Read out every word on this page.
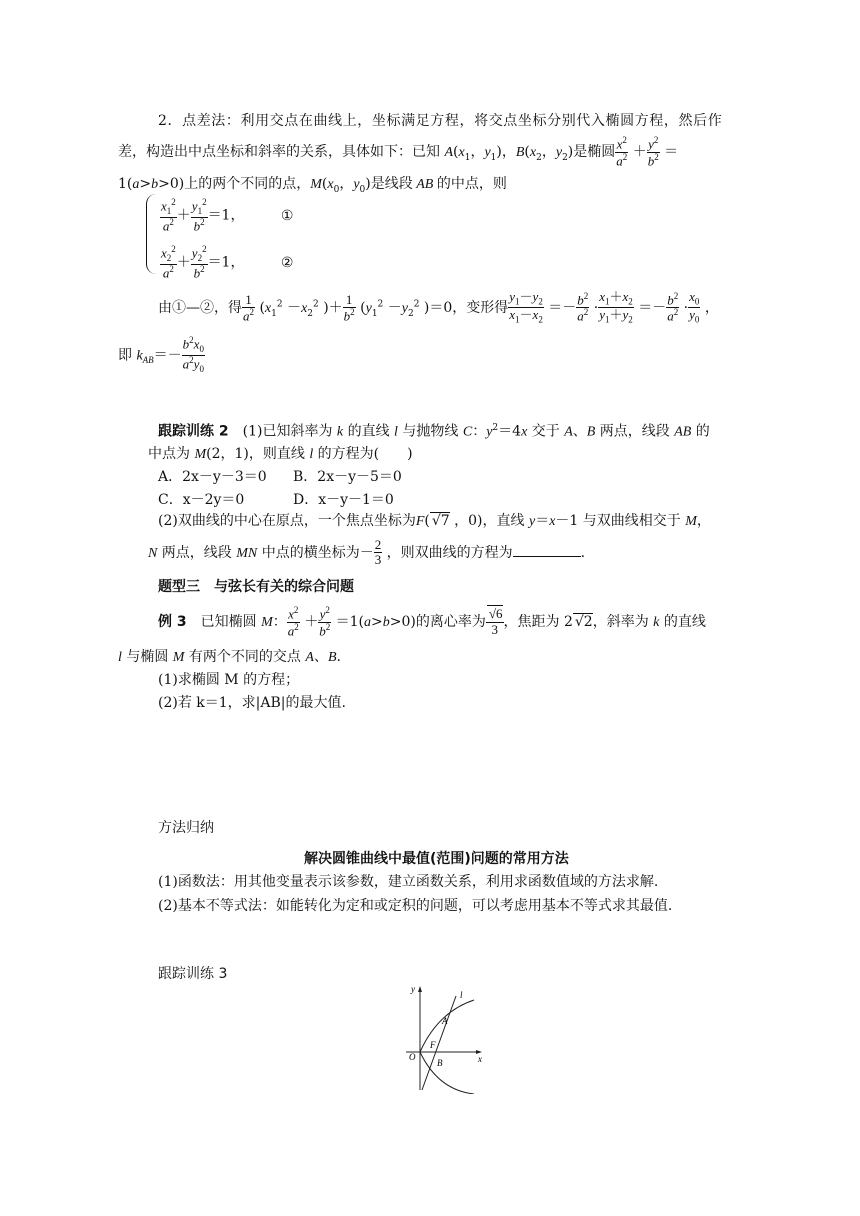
2．点差法：利用交点在曲线上，坐标满足方程，将交点坐标分别代入椭圆方程，然后作
差，构造出中点坐标和斜率的关系，具体如下：已知 $A(x_1$，$y_1$)，$B(x_2$，$y_2$)是椭圆 $\frac{x^2}{a^2} + \frac{y^2}{b^2}$ ＝
1(a>b>0)上的两个不同的点，$M(x_0$，$y_0$)是线段 AB 的中点，则
$\frac{x_1^2}{a^2} + \frac{y_1^2}{b^2} =1$， ①
$\frac{x_2^2}{a^2} + \frac{y_2^2}{b^2} =1$， ②
由①—②，得 $\frac{1}{a^2} (x_1^2 -x_2^2$ )＋ $\frac{1}{b^2} (y_1^2 -y_2^2$ )＝0，变形得 $\frac{y_1-y_2}{x_1-x_2} =- \frac{b^2}{a^2} \cdot \frac{x_1+x_2}{y_1+y_2} =- \frac{b^2}{a^2} \cdot \frac{x_0}{y_0}$ ，
即 $k_{AB}=- \frac{b^2x_0}{a^2y_0}$
跟踪训练 2　 (1)已知斜率为 k 的直线 l 与抛物线 C：$y^2=4x$ 交于 A、B 两点，线段 AB 的
中点为 M(2，1)，则直线 l 的方程为(　　)
A．2x－y－3＝0 B．2x－y－5＝0
C．x－2y＝0	D．x－y－1＝0
(2)双曲线的中心在原点，一个焦点坐标为F( √7 ，0)，直线 y＝x－1 与双曲线相交于 M，
N 两点，线段 MN 中点的横坐标为－ $\frac{2}{3}$ ，则双曲线的方程为	.
题型三　与弦长有关的综合问题
例 3　 已知椭圆 M： $\frac{x^2}{a^2} + \frac{y^2}{b^2} =1(a>b>0)$的离心率为 $\frac{√6}{3}$ ，焦距为 2 √2，斜率为 k 的直线
l 与椭圆 M 有两个不同的交点 A、B.
(1)求椭圆 M 的方程；
(2)若 k＝1，求|AB|的最大值.
方法归纳
解决圆锥曲线中最值(范围)问题的常用方法
(1)函数法：用其他变量表示该参数，建立函数关系，利用求函数值域的方法求解.
(2)基本不等式法：如能转化为定和或定积的问题，可以考虑用基本不等式求其最值.
跟踪训练 3
y
x
O
l
A
F
B
